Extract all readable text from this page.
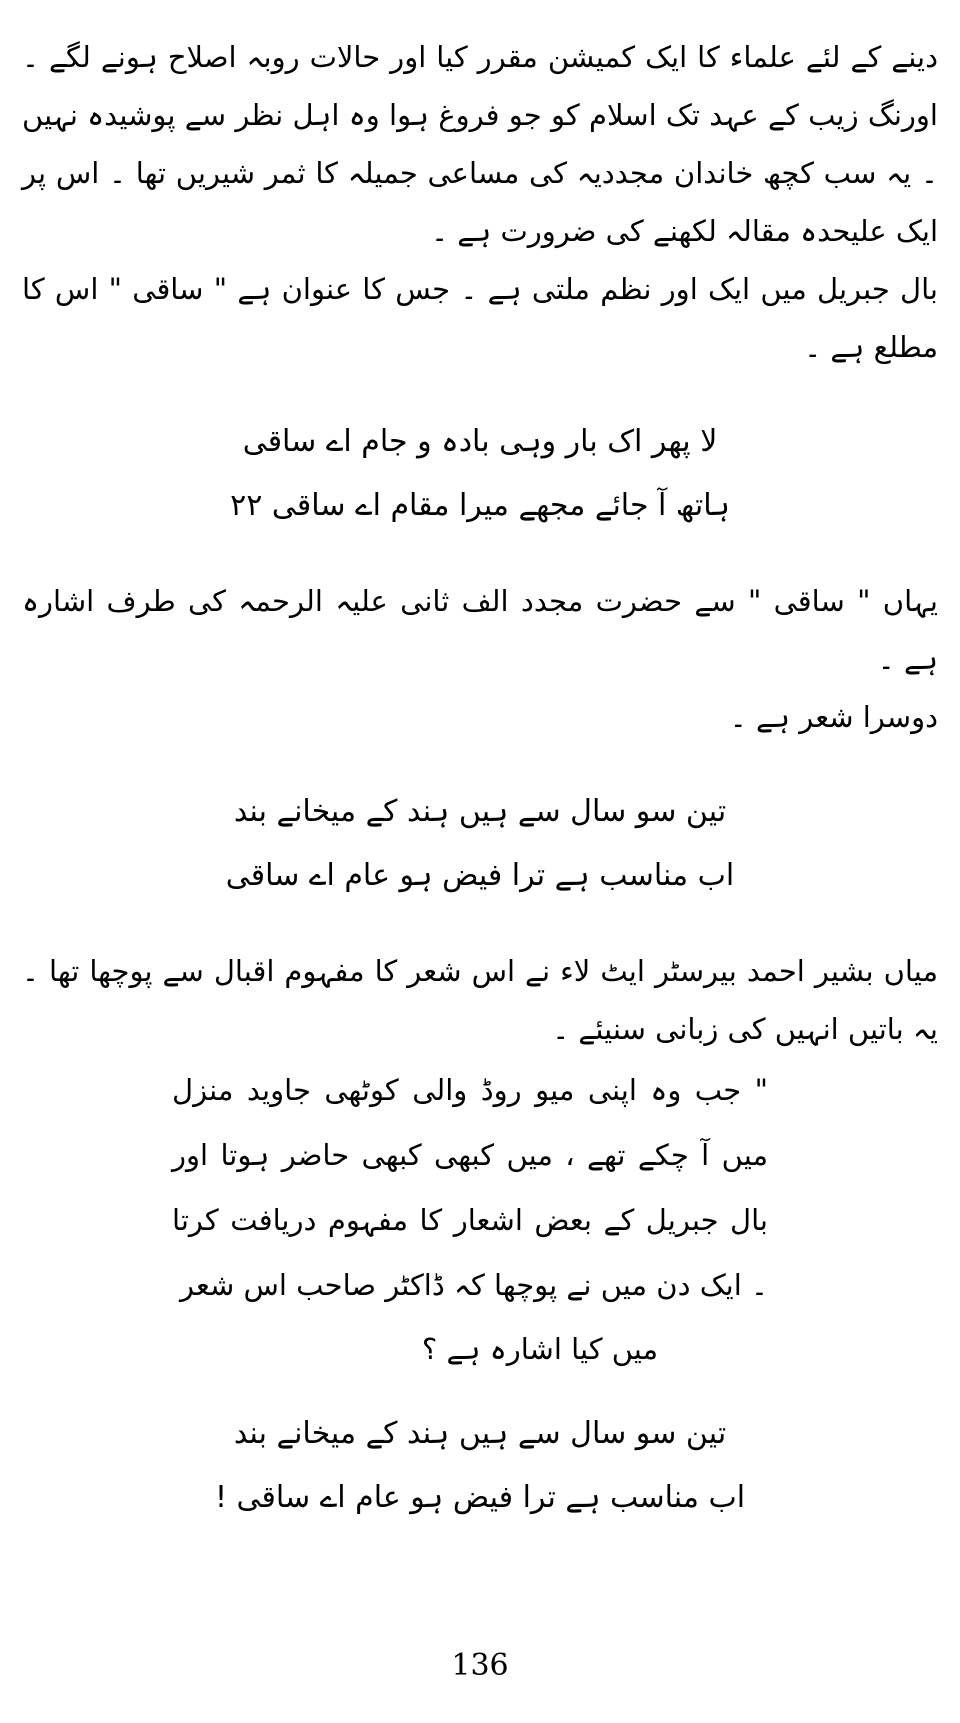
دینے کے لئے علماء کا ایک کمیشن مقرر کیا اور حالات روبہ اصلاح ہونے لگے ۔ اورنگ زیب کے عہد تک اسلام کو جو فروغ ہوا وہ اہل نظر سے پوشیدہ نہیں ۔ یہ سب کچھ خاندان مجددیہ کی مساعی جمیلہ کا ثمر شیریں تھا ۔ اس پر ایک علیحدہ مقالہ لکھنے کی ضرورت ہے ۔

بال جبریل میں ایک اور نظم ملتی ہے ۔ جس کا عنوان ہے " ساقی " اس کا مطلع ہے ۔

لا پھر اک بار وہی بادہ و جام اے ساقی
ہاتھ آ جائے مجھے میرا مقام اے ساقی ۲۲

یہاں " ساقی " سے حضرت مجدد الف ثانی علیہ الرحمہ کی طرف اشارہ ہے ۔

دوسرا شعر ہے ۔

تین سو سال سے ہیں ہند کے میخانے بند
اب مناسب ہے ترا فیض ہو عام اے ساقی

میاں بشیر احمد بیرسٹر ایٹ لاء نے اس شعر کا مفہوم اقبال سے پوچھا تھا ۔ یہ باتیں انہیں کی زبانی سنیئے ۔

" جب وہ اپنی میو روڈ والی کوٹھی جاوید منزل میں آ چکے تھے ، میں کبھی کبھی حاضر ہوتا اور بال جبریل کے بعض اشعار کا مفہوم دریافت کرتا ۔ ایک دن میں نے پوچھا کہ ڈاکٹر صاحب اس شعر

میں کیا اشارہ ہے ؟

تین سو سال سے ہیں ہند کے میخانے بند
اب مناسب ہے ترا فیض ہو عام اے ساقی !
136
